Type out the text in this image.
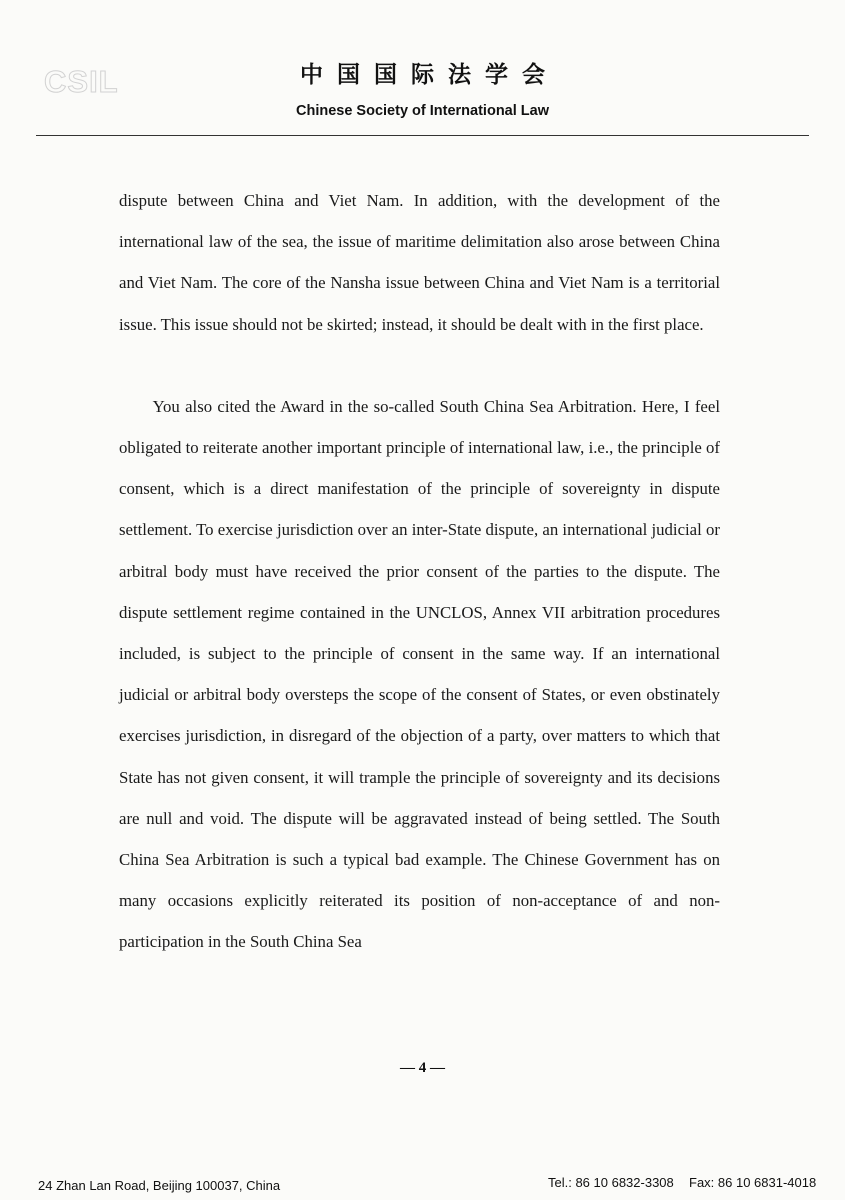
CSIL	中国国际法学会
Chinese Society of International Law

dispute between China and Viet Nam. In addition, with the development of the international law of the sea, the issue of maritime delimitation also arose between China and Viet Nam. The core of the Nansha issue between China and Viet Nam is a territorial issue. This issue should not be skirted; instead, it should be dealt with in the first place.

You also cited the Award in the so-called South China Sea Arbitration. Here, I feel obligated to reiterate another important principle of international law, i.e., the principle of consent, which is a direct manifestation of the principle of sovereignty in dispute settlement. To exercise jurisdiction over an inter-State dispute, an international judicial or arbitral body must have received the prior consent of the parties to the dispute. The dispute settlement regime contained in the UNCLOS, Annex VII arbitration procedures included, is subject to the principle of consent in the same way. If an international judicial or arbitral body oversteps the scope of the consent of States, or even obstinately exercises jurisdiction, in disregard of the objection of a party, over matters to which that State has not given consent, it will trample the principle of sovereignty and its decisions are null and void. The dispute will be aggravated instead of being settled. The South China Sea Arbitration is such a typical bad example. The Chinese Government has on many occasions explicitly reiterated its position of non-acceptance of and non-participation in the South China Sea

— 4 —
24 Zhan Lan Road, Beijing 100037, China	Tel.: 86 10 6832-3308 Fax: 86 10 6831-4018
